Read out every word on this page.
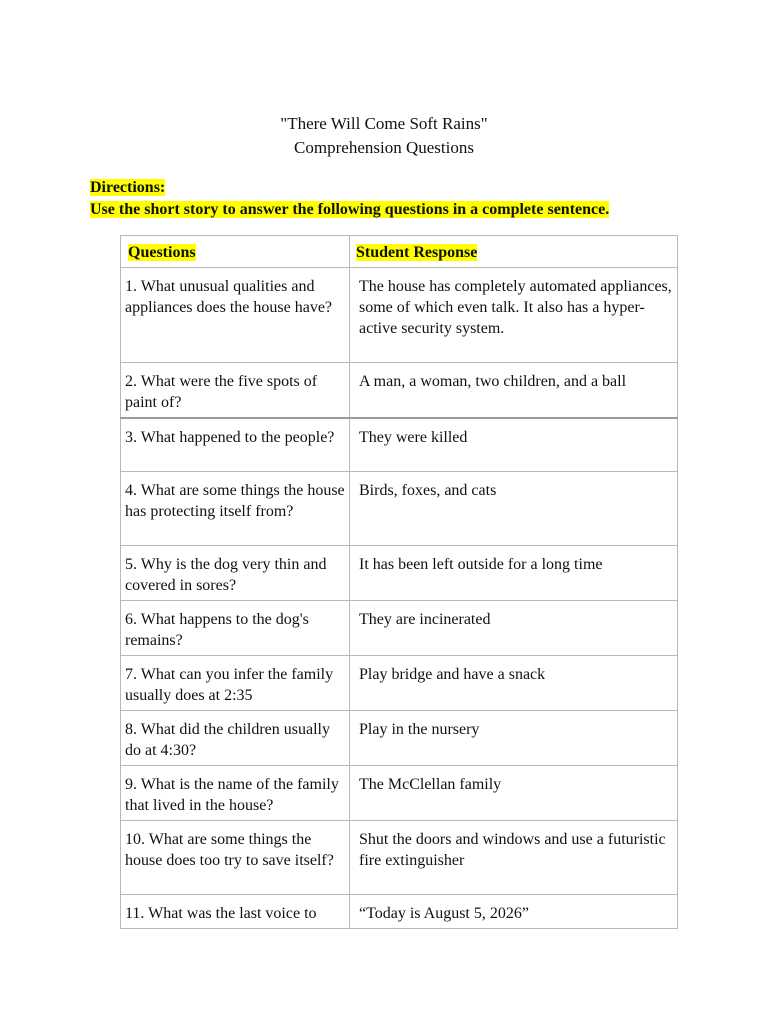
"There Will Come Soft Rains"
Comprehension Questions
Directions:
Use the short story to answer the following questions in a complete sentence.
Questions	Student Response
1. What unusual qualities and appliances does the house have?	The house has completely automated appliances, some of which even talk. It also has a hyper-active security system.
2. What were the five spots of paint of?	A man, a woman, two children, and a ball
3. What happened to the people?	They were killed
4. What are some things the house has protecting itself from?	Birds, foxes, and cats
5. Why is the dog very thin and covered in sores?	It has been left outside for a long time
6. What happens to the dog's remains?	They are incinerated
7. What can you infer the family usually does at 2:35	Play bridge and have a snack
8. What did the children usually do at 4:30?	Play in the nursery
9. What is the name of the family that lived in the house?	The McClellan family
10. What are some things the house does too try to save itself?	Shut the doors and windows and use a futuristic fire extinguisher
11. What was the last voice to	“Today is August 5, 2026”
